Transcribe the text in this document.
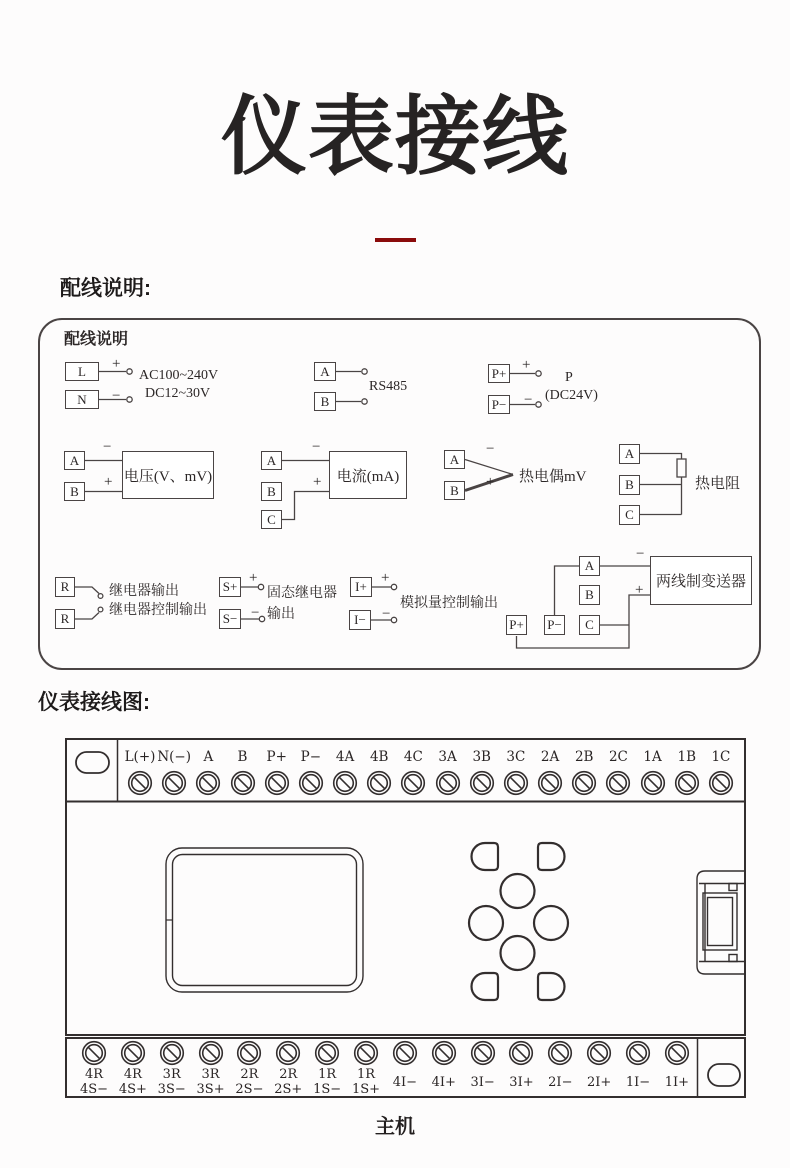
仪表接线
配线说明:
配线说明
L
N
+
−
AC100~240V
DC12~30V
A
B
RS485
P+
P−
+
−
P
(DC24V)
A
B
−
+ 电压(V、mV)
A
B
C
−
+	电流(mA)
A
B
−
+ 热电偶mV
A
B
C
热电阻
R
R
继电器输出
继电器控制输出
S+
S−
+
−
固态继电器
输出
I+
I−
+
−
模拟量控制输出
A
B
C
P+ P−
−
+ 两线制变送器
仪表接线图:
L(+) N(−) A B P+ P− 4A 4B 4C 3A 3B 3C 2A 2B 2C 1A 1B 1C
4R
4S−
4R
4S+
3R
3S−
3R
3S+
2R
2S−
2R
2S+
1R
1S−
1R
1S+ 4I− 4I+ 3I− 3I+ 2I− 2I+ 1I− 1I+
主机
